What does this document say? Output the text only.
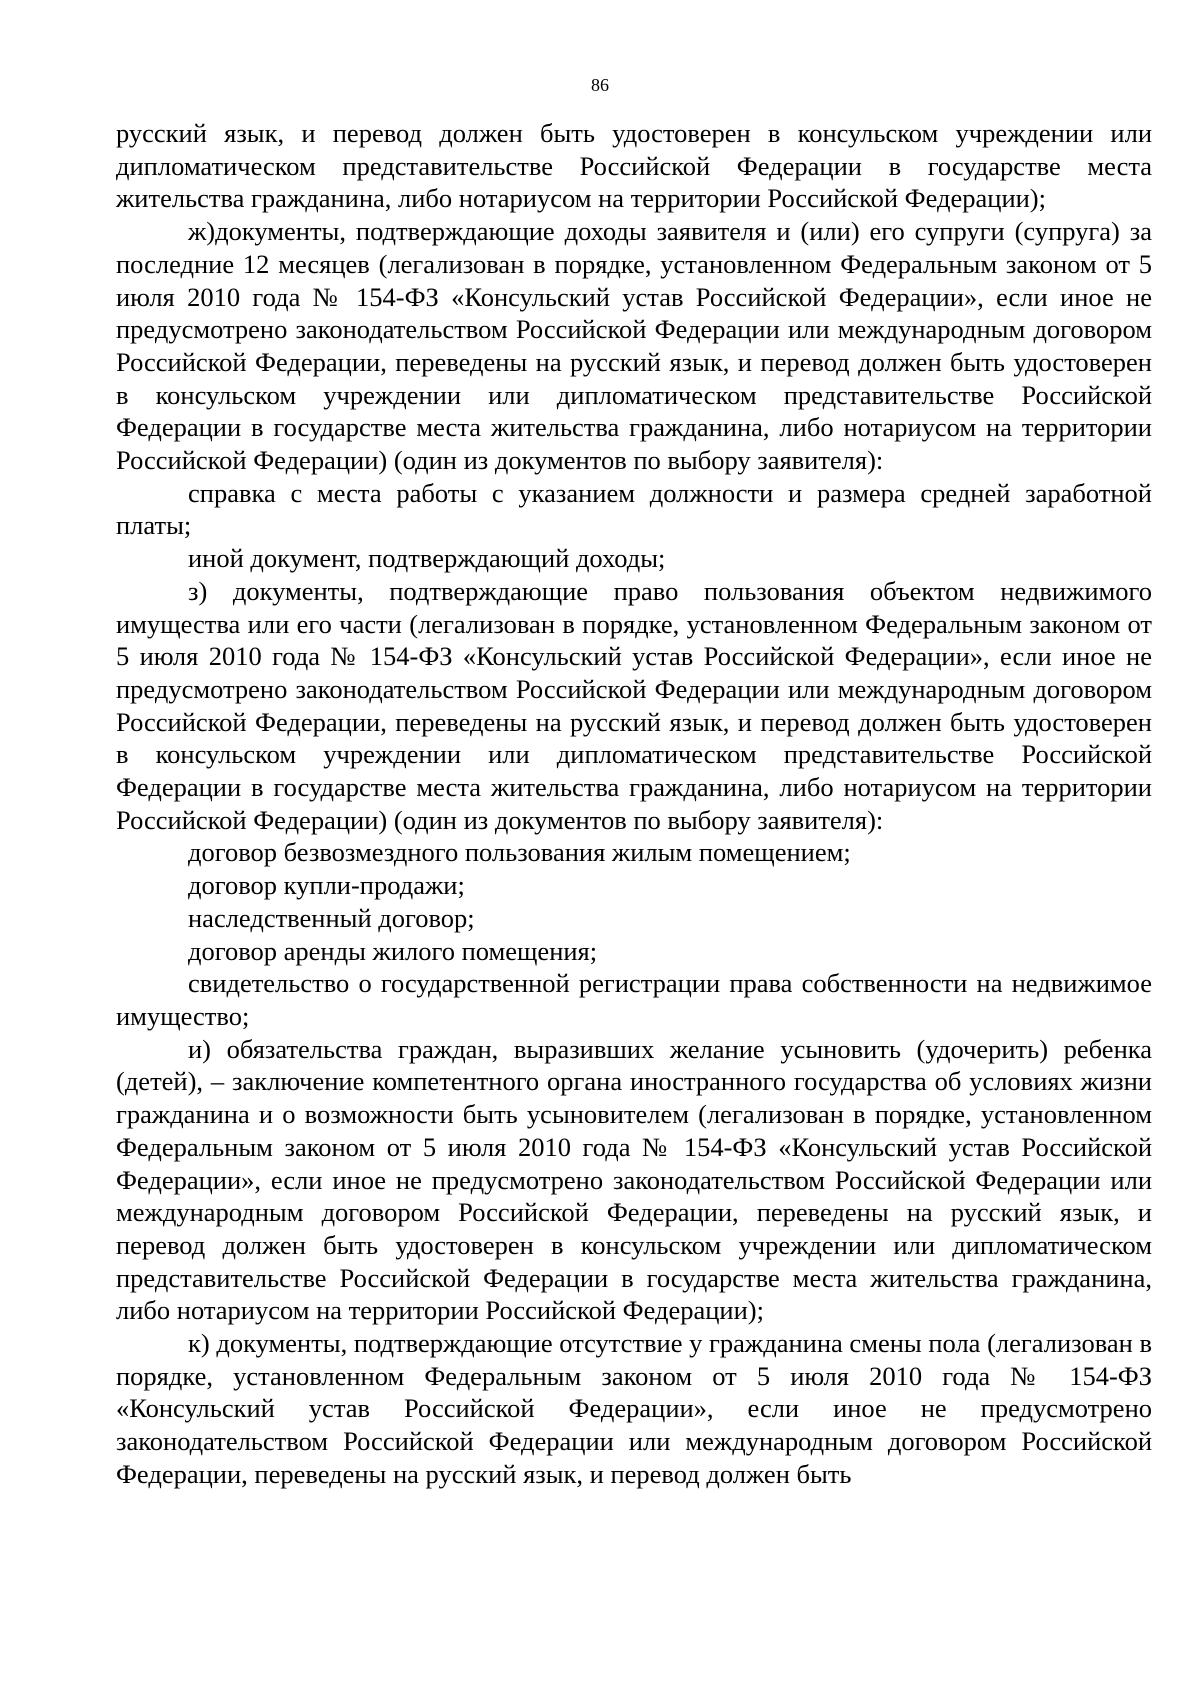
86

русский язык, и перевод должен быть удостоверен в консульском учреждении или дипломатическом представительстве Российской Федерации в государстве места жительства гражданина, либо нотариусом на территории Российской Федерации);

ж)документы, подтверждающие доходы заявителя и (или) его супруги (супруга) за последние 12 месяцев (легализован в порядке, установленном Федеральным законом от 5 июля 2010 года № 154-ФЗ «Консульский устав Российской Федерации», если иное не предусмотрено законодательством Российской Федерации или международным договором Российской Федерации, переведены на русский язык, и перевод должен быть удостоверен в консульском учреждении или дипломатическом представительстве Российской Федерации в государстве места жительства гражданина, либо нотариусом на территории Российской Федерации) (один из документов по выбору заявителя):

справка с места работы с указанием должности и размера средней заработной платы;

иной документ, подтверждающий доходы;

з) документы, подтверждающие право пользования объектом недвижимого имущества или его части (легализован в порядке, установленном Федеральным законом от 5 июля 2010 года № 154-ФЗ «Консульский устав Российской Федерации», если иное не предусмотрено законодательством Российской Федерации или международным договором Российской Федерации, переведены на русский язык, и перевод должен быть удостоверен в консульском учреждении или дипломатическом представительстве Российской Федерации в государстве места жительства гражданина, либо нотариусом на территории Российской Федерации) (один из документов по выбору заявителя):

договор безвозмездного пользования жилым помещением;

договор купли-продажи;

наследственный договор;

договор аренды жилого помещения;

свидетельство о государственной регистрации права собственности на недвижимое имущество;

и) обязательства граждан, выразивших желание усыновить (удочерить) ребенка (детей), – заключение компетентного органа иностранного государства об условиях жизни гражданина и о возможности быть усыновителем (легализован в порядке, установленном Федеральным законом от 5 июля 2010 года № 154-ФЗ «Консульский устав Российской Федерации», если иное не предусмотрено законодательством Российской Федерации или международным договором Российской Федерации, переведены на русский язык, и перевод должен быть удостоверен в консульском учреждении или дипломатическом представительстве Российской Федерации в государстве места жительства гражданина, либо нотариусом на территории Российской Федерации);

к) документы, подтверждающие отсутствие у гражданина смены пола (легализован в порядке, установленном Федеральным законом от 5 июля 2010 года № 154-ФЗ «Консульский устав Российской Федерации», если иное не предусмотрено законодательством Российской Федерации или международным договором Российской Федерации, переведены на русский язык, и перевод должен быть
